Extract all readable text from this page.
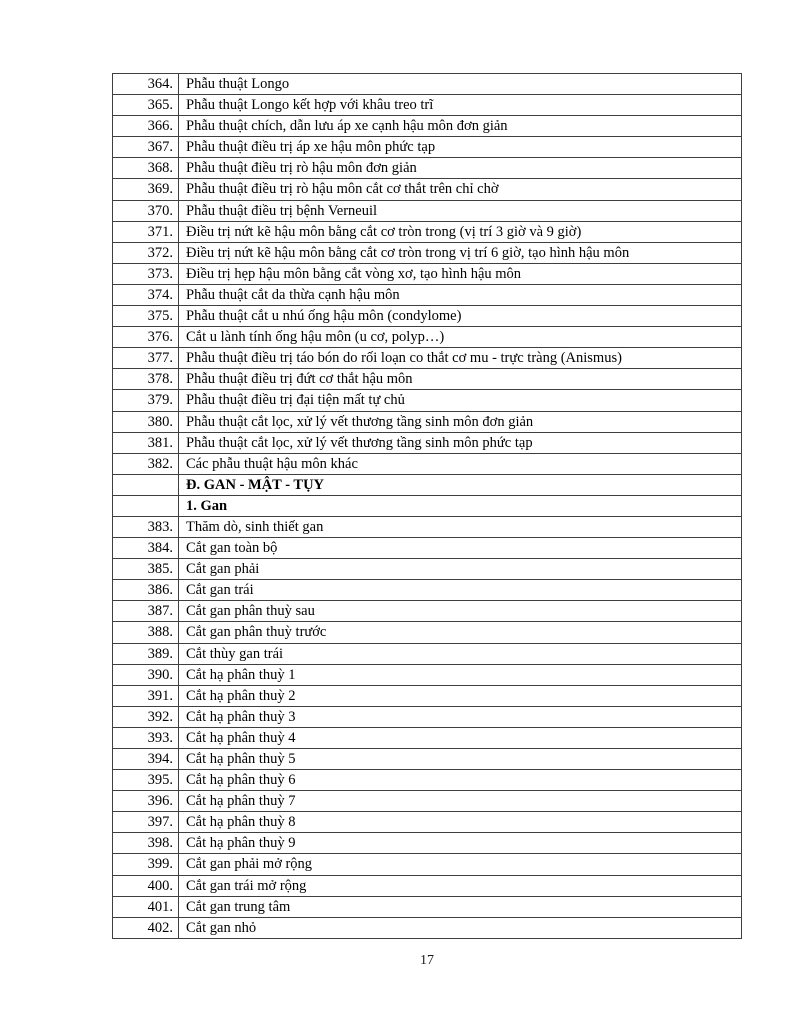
364.	Phẫu thuật Longo
365.	Phẫu thuật Longo kết hợp với khâu treo trĩ
366.	Phẫu thuật chích, dẫn lưu áp xe cạnh hậu môn đơn giản
367.	Phẫu thuật điều trị áp xe hậu môn phức tạp
368.	Phẫu thuật điều trị rò hậu môn đơn giản
369.	Phẫu thuật điều trị rò hậu môn cắt cơ thắt trên chỉ chờ
370.	Phẫu thuật điều trị bệnh Verneuil
371.	Điều trị nứt kẽ hậu môn bằng cắt cơ tròn trong (vị trí 3 giờ và 9 giờ)
372.	Điều trị nứt kẽ hậu môn bằng cắt cơ tròn trong vị trí 6 giờ, tạo hình hậu môn
373.	Điều trị hẹp hậu môn bằng cắt vòng xơ, tạo hình hậu môn
374.	Phẫu thuật cắt da thừa cạnh hậu môn
375.	Phẫu thuật cắt u nhú ống hậu môn (condylome)
376.	Cắt u lành tính ống hậu môn (u cơ, polyp…)
377.	Phẫu thuật điều trị táo bón do rối loạn co thắt cơ mu - trực tràng (Anismus)
378.	Phẫu thuật điều trị đứt cơ thắt hậu môn
379.	Phẫu thuật điều trị đại tiện mất tự chủ
380.	Phẫu thuật cắt lọc, xử lý vết thương tầng sinh môn đơn giản
381.	Phẫu thuật cắt lọc, xử lý vết thương tầng sinh môn phức tạp
382.	Các phẫu thuật hậu môn khác
	Đ. GAN - MẬT - TỤY
	1. Gan
383.	Thăm dò, sinh thiết gan
384.	Cắt gan toàn bộ
385.	Cắt gan phải
386.	Cắt gan trái
387.	Cắt gan phân thuỳ sau
388.	Cắt gan phân thuỳ trước
389.	Cắt thùy gan trái
390.	Cắt hạ phân thuỳ 1
391.	Cắt hạ phân thuỳ 2
392.	Cắt hạ phân thuỳ 3
393.	Cắt hạ phân thuỳ 4
394.	Cắt hạ phân thuỳ 5
395.	Cắt hạ phân thuỳ 6
396.	Cắt hạ phân thuỳ 7
397.	Cắt hạ phân thuỳ 8
398.	Cắt hạ phân thuỳ 9
399.	Cắt gan phải mở rộng
400.	Cắt gan trái mở rộng
401.	Cắt gan trung tâm
402.	Cắt gan nhỏ
17
